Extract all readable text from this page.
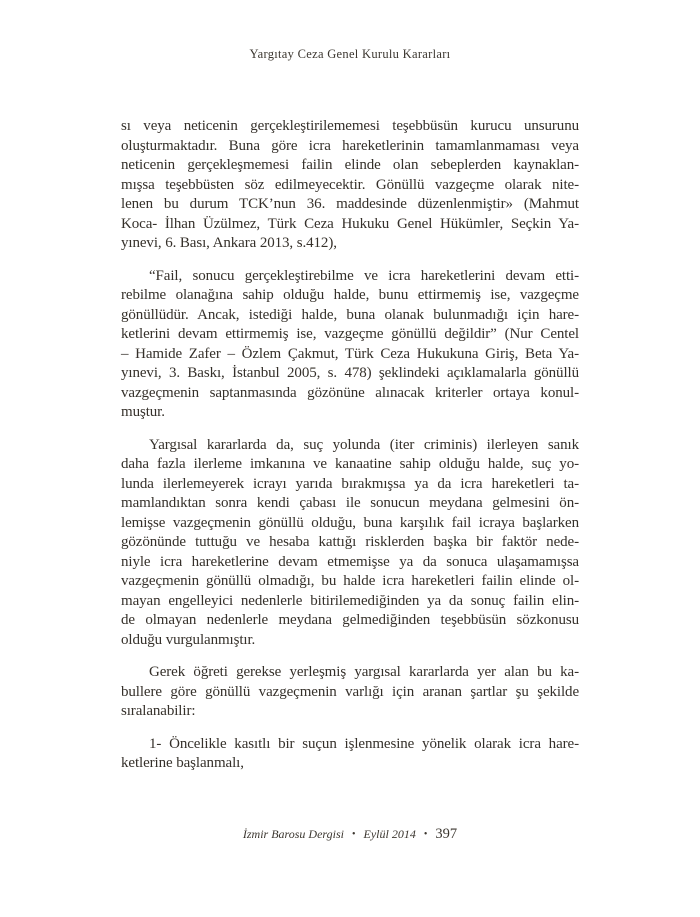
Yargıtay Ceza Genel Kurulu Kararları
sı veya neticenin gerçekleştirilememesi teşebbüsün kurucu unsurunu
oluşturmaktadır. Buna göre icra hareketlerinin tamamlanmaması veya
neticenin gerçekleşmemesi failin elinde olan sebeplerden kaynaklan-
mışsa teşebbüsten söz edilmeyecektir. Gönüllü vazgeçme olarak nite-
lenen bu durum TCK’nun 36. maddesinde düzenlenmiştir» (Mahmut
Koca- İlhan Üzülmez, Türk Ceza Hukuku Genel Hükümler, Seçkin Ya-
yınevi, 6. Bası, Ankara 2013, s.412),
“Fail, sonucu gerçekleştirebilme ve icra hareketlerini devam etti-
rebilme olanağına sahip olduğu halde, bunu ettirmemiş ise, vazgeçme
gönüllüdür. Ancak, istediği halde, buna olanak bulunmadığı için hare-
ketlerini devam ettirmemiş ise, vazgeçme gönüllü değildir” (Nur Centel
– Hamide Zafer – Özlem Çakmut, Türk Ceza Hukukuna Giriş, Beta Ya-
yınevi, 3. Baskı, İstanbul 2005, s. 478) şeklindeki açıklamalarla gönüllü
vazgeçmenin saptanmasında gözönüne alınacak kriterler ortaya konul-
muştur.
Yargısal kararlarda da, suç yolunda (iter criminis) ilerleyen sanık
daha fazla ilerleme imkanına ve kanaatine sahip olduğu halde, suç yo-
lunda ilerlemeyerek icrayı yarıda bırakmışsa ya da icra hareketleri ta-
mamlandıktan sonra kendi çabası ile sonucun meydana gelmesini ön-
lemişse vazgeçmenin gönüllü olduğu, buna karşılık fail icraya başlarken
gözönünde tuttuğu ve hesaba kattığı risklerden başka bir faktör nede-
niyle icra hareketlerine devam etmemişse ya da sonuca ulaşamamışsa
vazgeçmenin gönüllü olmadığı, bu halde icra hareketleri failin elinde ol-
mayan engelleyici nedenlerle bitirilemediğinden ya da sonuç failin elin-
de olmayan nedenlerle meydana gelmediğinden teşebbüsün sözkonusu
olduğu vurgulanmıştır.
Gerek öğreti gerekse yerleşmiş yargısal kararlarda yer alan bu ka-
bullere göre gönüllü vazgeçmenin varlığı için aranan şartlar şu şekilde
sıralanabilir:
1- Öncelikle kasıtlı bir suçun işlenmesine yönelik olarak icra hare-
ketlerine başlanmalı,
İzmir Barosu Dergisi • Eylül 2014 • 397
